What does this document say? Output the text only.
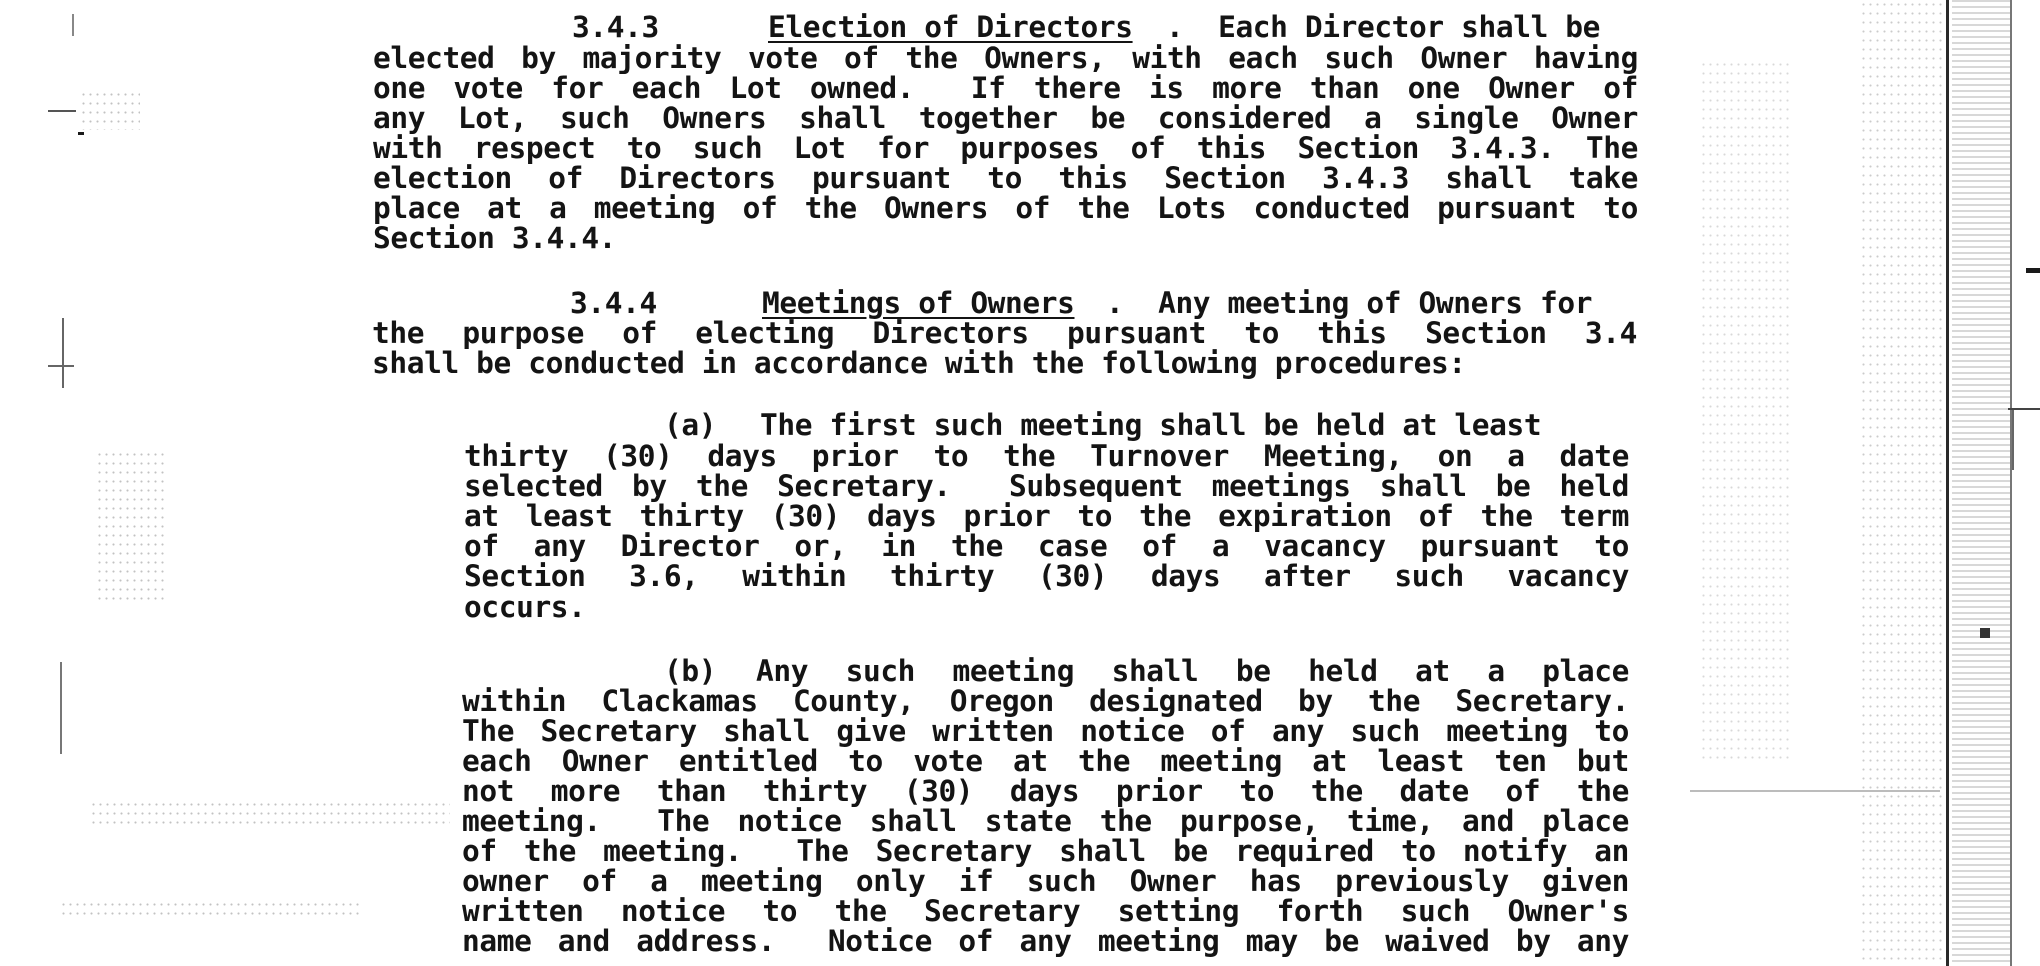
3.4.3	Election of Directors .  Each Director shall be
elected by majority vote of the Owners, with each such Owner having
one vote for each Lot owned.  If there is more than one Owner of
any Lot, such Owners shall together be considered a single Owner
with respect to such Lot for purposes of this Section 3.4.3. The
election of Directors pursuant to this Section 3.4.3 shall take
place at a meeting of the Owners of the Lots conducted pursuant to
Section 3.4.4.
3.4.4	Meetings of Owners .  Any meeting of Owners for
the purpose of electing Directors pursuant to this Section 3.4
shall be conducted in accordance with the following procedures:
(a) The first such meeting shall be held at least
thirty (30) days prior to the Turnover Meeting, on a date
selected by the Secretary.  Subsequent meetings shall be held
at least thirty (30) days prior to the expiration of the term
of any Director or, in the case of a vacancy pursuant to
Section 3.6, within thirty (30) days after such vacancy
occurs.
(b) Any such meeting shall be held at a place
within Clackamas County, Oregon designated by the Secretary.
The Secretary shall give written notice of any such meeting to
each Owner entitled to vote at the meeting at least ten but
not more than thirty (30) days prior to the date of the
meeting.  The notice shall state the purpose, time, and place
of the meeting.  The Secretary shall be required to notify an
owner of a meeting only if such Owner has previously given
written notice to the Secretary setting forth such Owner's
name and address.  Notice of any meeting may be waived by any
